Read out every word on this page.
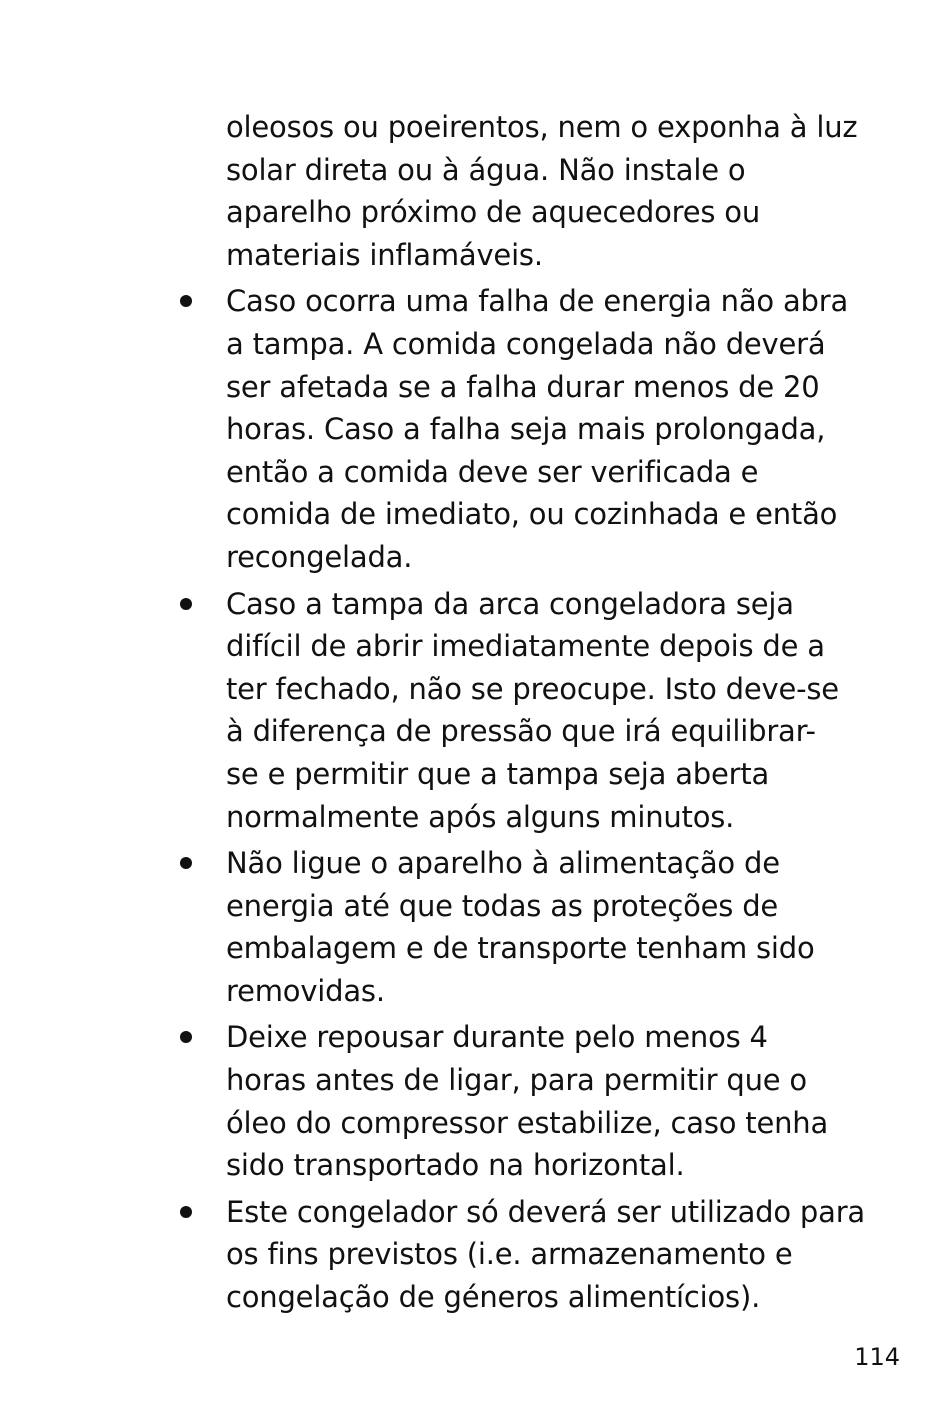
oleosos ou poeirentos, nem o exponha à luz
solar direta ou à água. Não instale o
aparelho próximo de aquecedores ou
materiais inflamáveis.
Caso ocorra uma falha de energia não abra
a tampa. A comida congelada não deverá
ser afetada se a falha durar menos de 20
horas. Caso a falha seja mais prolongada,
então a comida deve ser verificada e
comida de imediato, ou cozinhada e então
recongelada.
Caso a tampa da arca congeladora seja
difícil de abrir imediatamente depois de a
ter fechado, não se preocupe. Isto deve-se
à diferença de pressão que irá equilibrar-
se e permitir que a tampa seja aberta
normalmente após alguns minutos.
Não ligue o aparelho à alimentação de
energia até que todas as proteções de
embalagem e de transporte tenham sido
removidas.
Deixe repousar durante pelo menos 4
horas antes de ligar, para permitir que o
óleo do compressor estabilize, caso tenha
sido transportado na horizontal.
Este congelador só deverá ser utilizado para
os fins previstos (i.e. armazenamento e
congelação de géneros alimentícios).
114
